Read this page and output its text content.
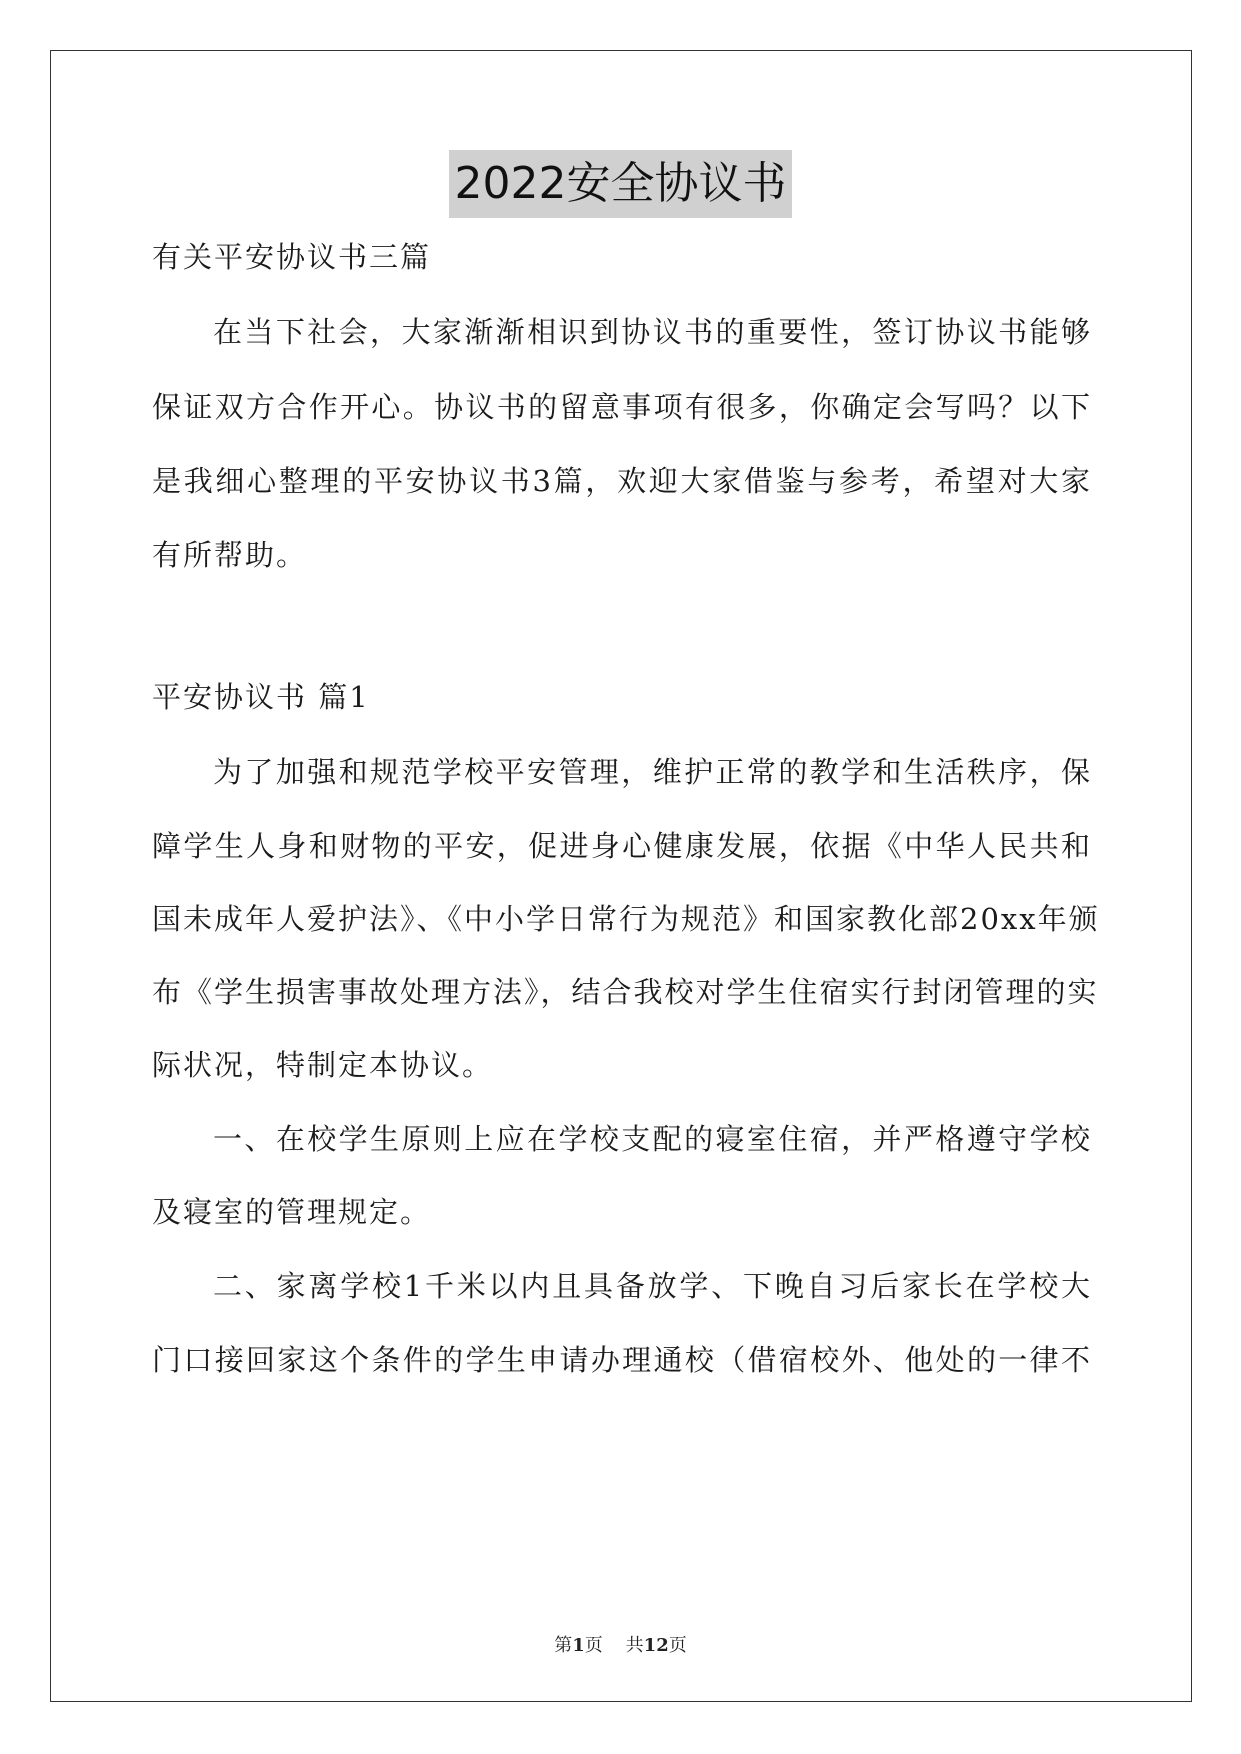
2022安全协议书
有关平安协议书三篇
在当下社会，大家渐渐相识到协议书的重要性，签订协议书能够
保证双方合作开心。协议书的留意事项有很多，你确定会写吗？以下
是我细心整理的平安协议书3篇，欢迎大家借鉴与参考，希望对大家
有所帮助。
平安协议书 篇1
为了加强和规范学校平安管理，维护正常的教学和生活秩序，保
障学生人身和财物的平安，促进身心健康发展，依据《中华人民共和
国未成年人爱护法》、《中小学日常行为规范》和国家教化部20xx年颁
布《学生损害事故处理方法》，结合我校对学生住宿实行封闭管理的实
际状况，特制定本协议。
一、在校学生原则上应在学校支配的寝室住宿，并严格遵守学校
及寝室的管理规定。
二、家离学校1千米以内且具备放学、下晚自习后家长在学校大
门口接回家这个条件的学生申请办理通校（借宿校外、他处的一律不
第1页 共12页
